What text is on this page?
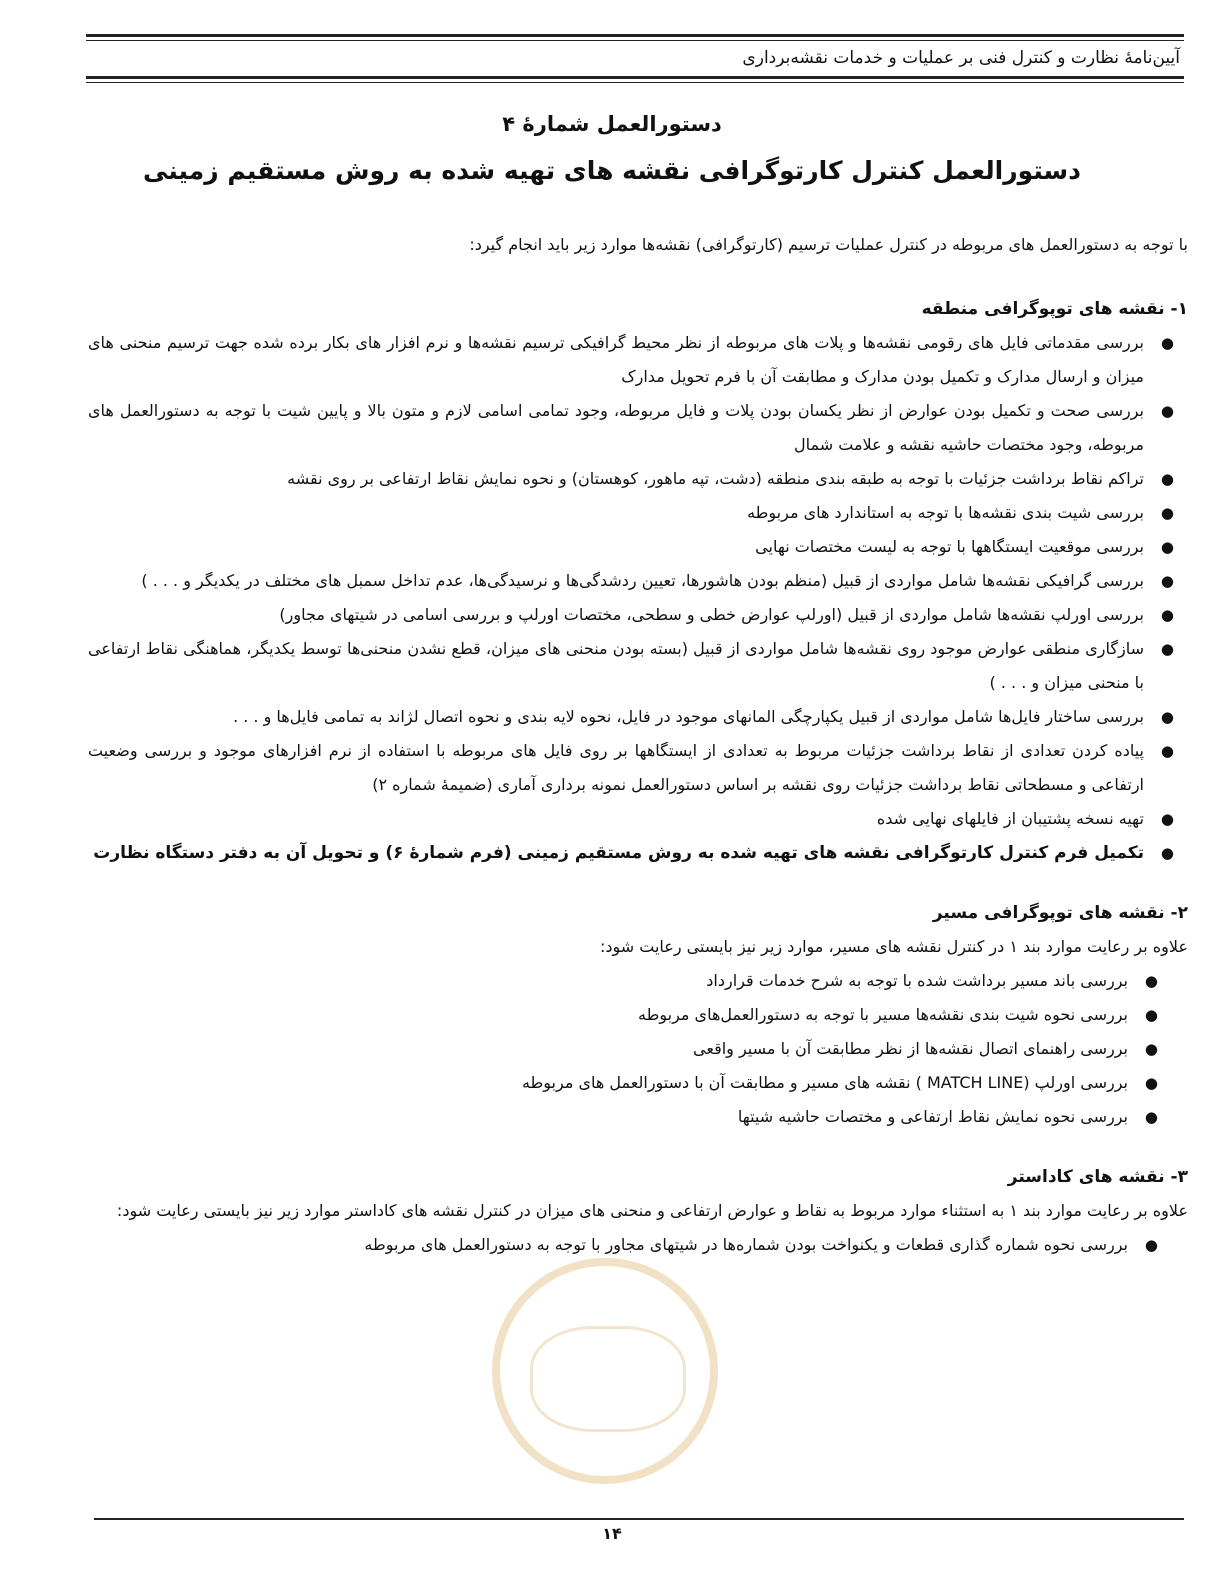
آیین‌نامهٔ نظارت و کنترل فنی بر عملیات و خدمات نقشه‌برداری
دستورالعمل شمارهٔ ۴
دستورالعمل کنترل کارتوگرافی نقشه های تهیه شده به روش مستقیم زمینی

با توجه به دستورالعمل های مربوطه در کنترل عملیات ترسیم (کارتوگرافی) نقشه‌ها موارد زیر باید انجام گیرد:

۱- نقشه های توپوگرافی منطقه

●
بررسی مقدماتی فایل های رقومی نقشه‌ها و پلات های مربوطه از نظر محیط گرافیکی ترسیم نقشه‌ها و نرم افزار های بکار برده شده جهت ترسیم منحنی های میزان و ارسال مدارک و تکمیل بودن مدارک و مطابقت آن با فرم تحویل مدارک
●
بررسی صحت و تکمیل بودن عوارض از نظر یکسان بودن پلات و فایل مربوطه، وجود تمامی اسامی لازم و متون بالا و پایین شیت با توجه به دستورالعمل های مربوطه، وجود مختصات حاشیه نقشه و علامت شمال
●
تراکم نقاط برداشت جزئیات با توجه به طبقه بندی منطقه (دشت، تپه ماهور، کوهستان) و نحوه نمایش نقاط ارتفاعی بر روی نقشه
●
بررسی شیت بندی نقشه‌ها با توجه به استاندارد های مربوطه
●
بررسی موقعیت ایستگاهها با توجه به لیست مختصات نهایی
●
بررسی گرافیکی نقشه‌ها شامل مواردی از قبیل (منظم بودن هاشورها، تعیین ردشدگی‌ها و نرسیدگی‌ها، عدم تداخل سمبل های مختلف در یکدیگر و . . . )
●
بررسی اورلپ نقشه‌ها شامل مواردی از قبیل (اورلپ عوارض خطی و سطحی، مختصات اورلپ و بررسی اسامی در شیتهای مجاور)
●
سازگاری منطقی عوارض موجود روی نقشه‌ها شامل مواردی از قبیل (بسته بودن منحنی های میزان، قطع نشدن منحنی‌ها توسط یکدیگر، هماهنگی نقاط ارتفاعی با منحنی میزان و . . . )
●
بررسی ساختار فایل‌ها شامل مواردی از قبیل یکپارچگی المانهای موجود در فایل، نحوه لایه بندی و نحوه اتصال لژاند به تمامی فایل‌ها و . . .
●
پیاده کردن تعدادی از نقاط برداشت جزئیات مربوط به تعدادی از ایستگاهها بر روی فایل های مربوطه با استفاده از نرم افزارهای موجود و بررسی وضعیت ارتفاعی و مسطحاتی نقاط برداشت جزئیات روی نقشه بر اساس دستورالعمل نمونه برداری آماری (ضمیمهٔ شماره ۲)
●
تهیه نسخه پشتیبان از فایلهای نهایی شده
●
تکمیل فرم کنترل کارتوگرافی نقشه های تهیه شده به روش مستقیم زمینی (فرم شمارهٔ ۶) و تحویل آن به دفتر دستگاه نظارت

۲- نقشه های توپوگرافی مسیر

علاوه بر رعایت موارد بند ۱ در کنترل نقشه های مسیر، موارد زیر نیز بایستی رعایت شود:

●
بررسی باند مسیر برداشت شده با توجه به شرح خدمات قرارداد
●
بررسی نحوه شیت بندی نقشه‌ها مسیر با توجه به دستورالعمل‌های مربوطه
●
بررسی راهنمای اتصال نقشه‌ها از نظر مطابقت آن با مسیر واقعی
●
بررسی اورلپ (MATCH LINE ) نقشه های مسیر و مطابقت آن با دستورالعمل های مربوطه
●
بررسی نحوه نمایش نقاط ارتفاعی و مختصات حاشیه شیتها

۳- نقشه های کاداستر

علاوه بر رعایت موارد بند ۱ به استثناء موارد مربوط به نقاط و عوارض ارتفاعی و منحنی های میزان در کنترل نقشه های کاداستر موارد زیر نیز بایستی رعایت شود:

●
بررسی نحوه شماره گذاری قطعات و یکنواخت بودن شماره‌ها در شیتهای مجاور با توجه به دستورالعمل های مربوطه
۱۴
